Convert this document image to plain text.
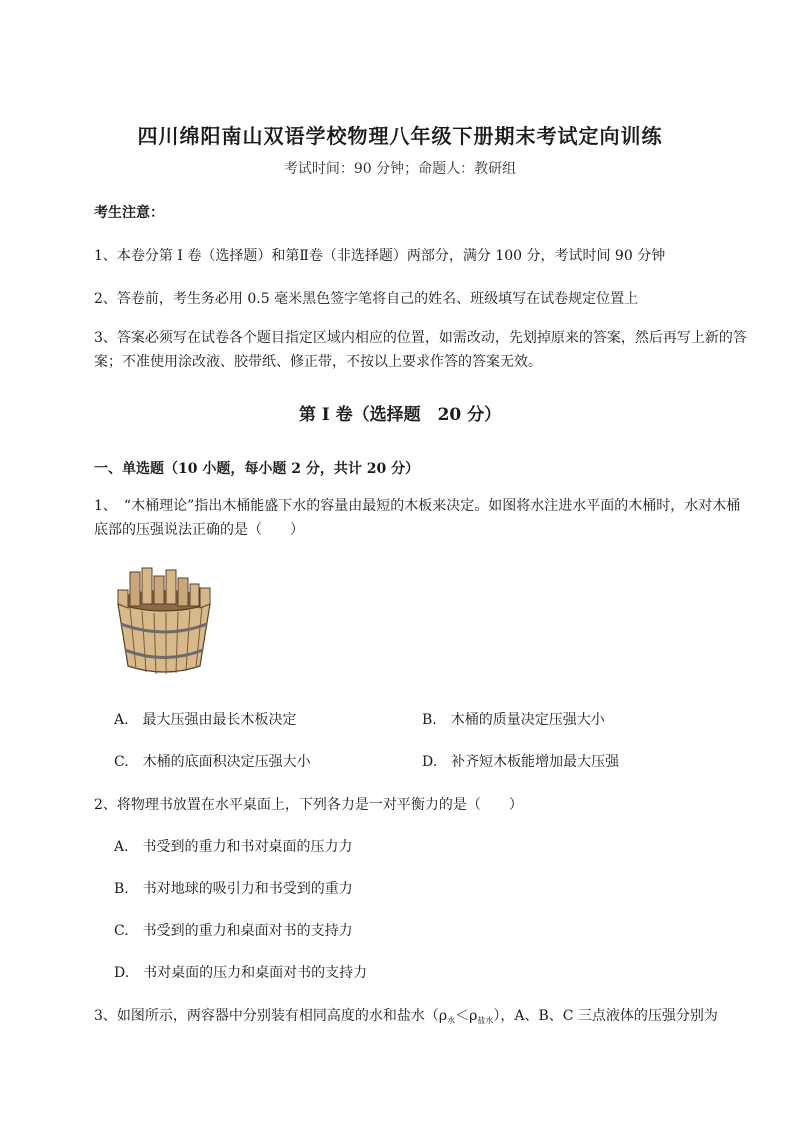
四川绵阳南山双语学校物理八年级下册期末考试定向训练
考试时间：90 分钟；命题人：教研组
考生注意：
1、本卷分第 I 卷（选择题）和第Ⅱ卷（非选择题）两部分，满分 100 分，考试时间 90 分钟
2、答卷前，考生务必用 0.5 毫米黑色签字笔将自己的姓名、班级填写在试卷规定位置上
3、答案必须写在试卷各个题目指定区域内相应的位置，如需改动，先划掉原来的答案，然后再写上新的答案；不准使用涂改液、胶带纸、修正带，不按以上要求作答的答案无效。
第 I 卷（选择题　20 分）
一、单选题（10 小题，每小题 2 分，共计 20 分）
1、　“木桶理论”指出木桶能盛下水的容量由最短的木板来决定。如图将水注进水平面的木桶时，水对木桶底部的压强说法正确的是（　　）
A.　最大压强由最长木板决定	B.　木桶的质量决定压强大小
C.　木桶的底面积决定压强大小	D.　补齐短木板能增加最大压强
2、将物理书放置在水平桌面上，下列各力是一对平衡力的是（　　）
A.　书受到的重力和书对桌面的压力力
B.　书对地球的吸引力和书受到的重力
C.　书受到的重力和桌面对书的支持力
D.　书对桌面的压力和桌面对书的支持力
3、如图所示，两容器中分别装有相同高度的水和盐水$(\rho_水<\rho_{盐水})$，A、B、C 三点液体的压强分别为
